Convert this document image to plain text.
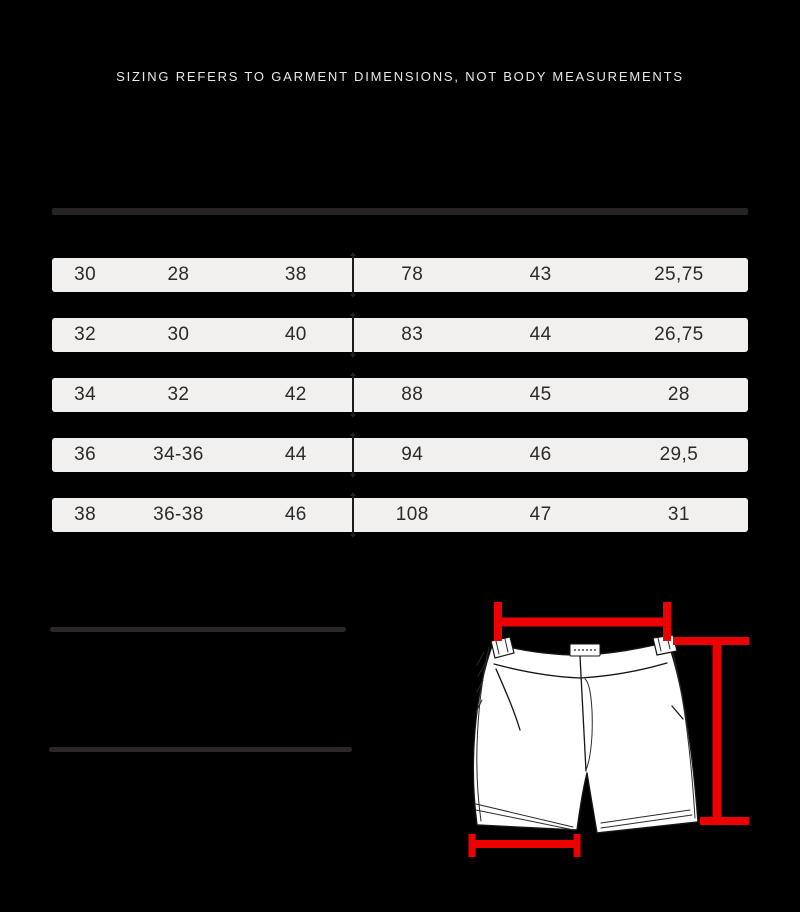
SIZING REFERS TO GARMENT DIMENSIONS, NOT BODY MEASUREMENTS
30	28	38	78	43	25,75
32	30	40	83	44	26,75
34	32	42	88	45	28
36	34-36	44	94	46	29,5
38	36-38	46	108	47	31
